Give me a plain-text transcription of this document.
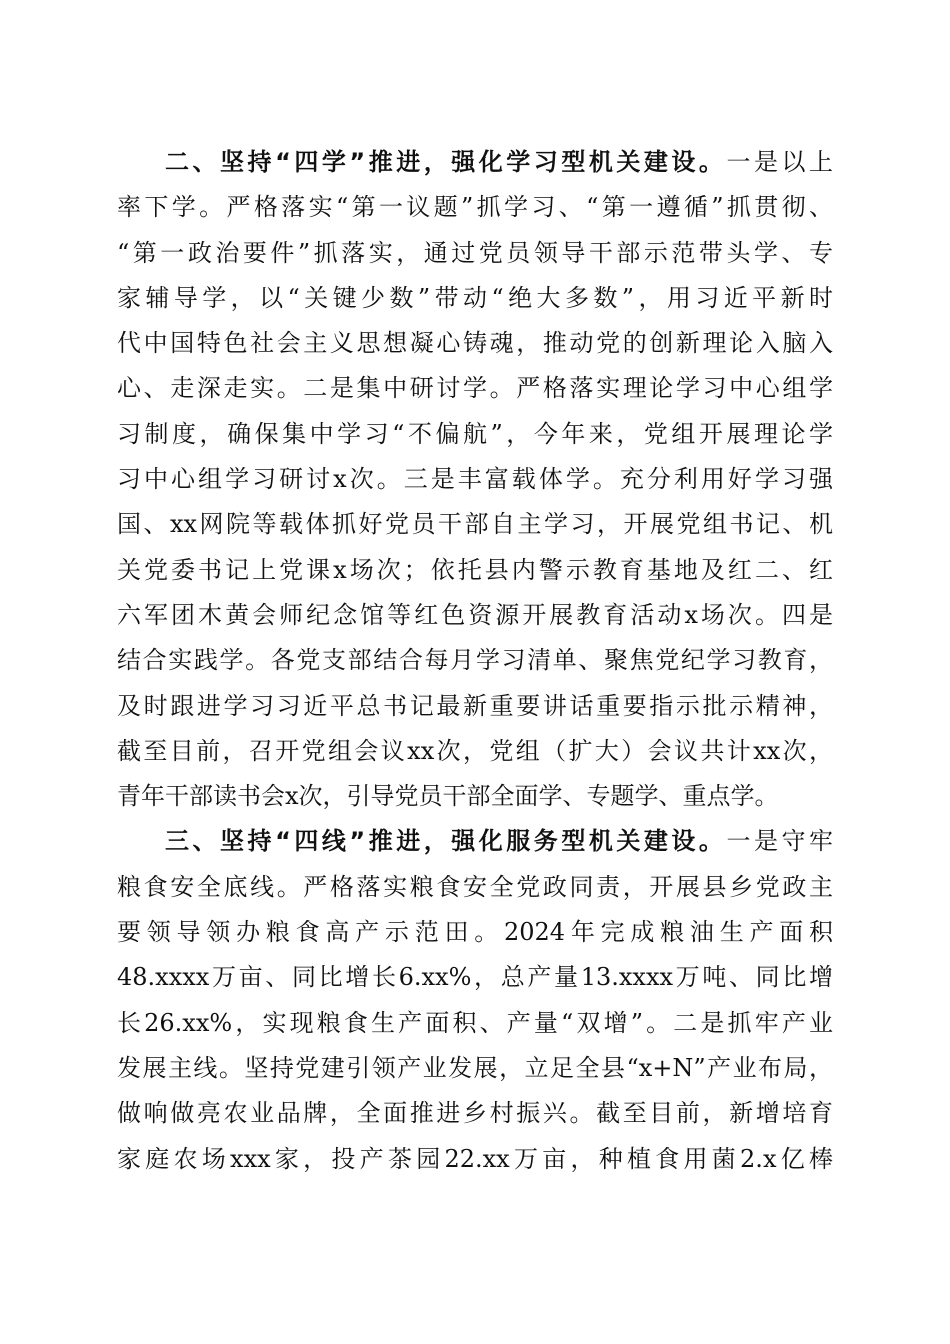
二、坚持“四学”推进，强化学习型机关建设。一是以上
率下学。严格落实“第一议题”抓学习、“第一遵循”抓贯彻、
“第一政治要件”抓落实，通过党员领导干部示范带头学、专
家辅导学，以“关键少数”带动“绝大多数”，用习近平新时
代中国特色社会主义思想凝心铸魂，推动党的创新理论入脑入
心、走深走实。二是集中研讨学。严格落实理论学习中心组学
习制度，确保集中学习“不偏航”，今年来，党组开展理论学
习中心组学习研讨x次。三是丰富载体学。充分利用好学习强
国、xx网院等载体抓好党员干部自主学习，开展党组书记、机
关党委书记上党课x场次；依托县内警示教育基地及红二、红
六军团木黄会师纪念馆等红色资源开展教育活动x场次。四是
结合实践学。各党支部结合每月学习清单、聚焦党纪学习教育，
及时跟进学习习近平总书记最新重要讲话重要指示批示精神，
截至目前，召开党组会议xx次，党组（扩大）会议共计xx次，
青年干部读书会x次，引导党员干部全面学、专题学、重点学。
三、坚持“四线”推进，强化服务型机关建设。一是守牢
粮食安全底线。严格落实粮食安全党政同责，开展县乡党政主
要领导领办粮食高产示范田。2024年完成粮油生产面积
48.xxxx万亩、同比增长6.xx%，总产量13.xxxx万吨、同比增
长26.xx%，实现粮食生产面积、产量“双增”。二是抓牢产业
发展主线。坚持党建引领产业发展，立足全县“x+N”产业布局，
做响做亮农业品牌，全面推进乡村振兴。截至目前，新增培育
家庭农场xxx家，投产茶园22.xx万亩，种植食用菌2.x亿棒
